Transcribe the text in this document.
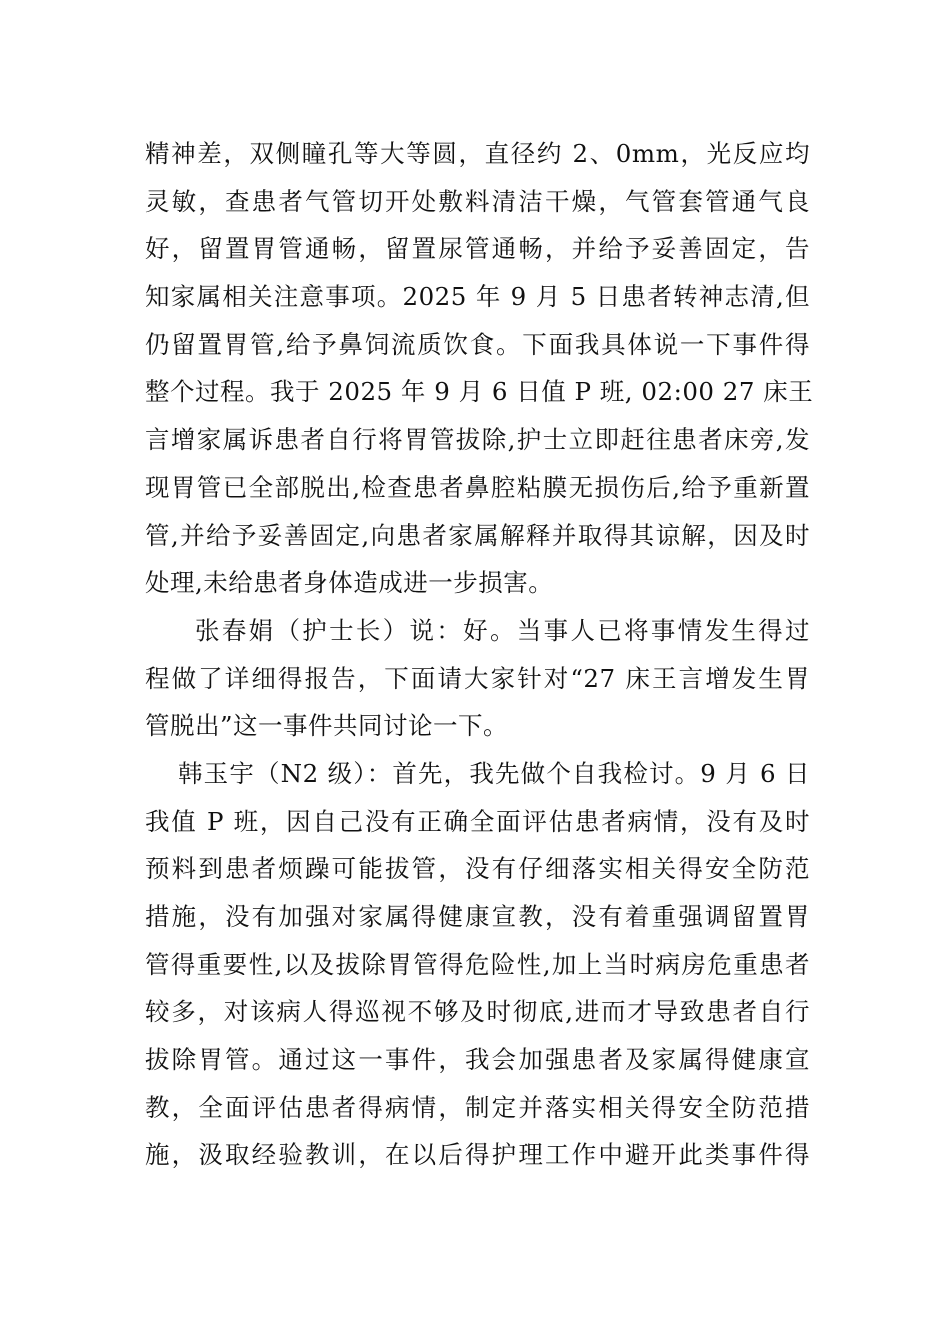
精神差，双侧瞳孔等大等圆，直径约 2、0mm，光反应均
灵敏，查患者气管切开处敷料清洁干燥，气管套管通气良
好，留置胃管通畅，留置尿管通畅，并给予妥善固定，告
知家属相关注意事项。2025 年 9 月 5 日患者转神志清,但
仍留置胃管,给予鼻饲流质饮食。下面我具体说一下事件得
整个过程。我于 2025 年 9 月 6 日值 P 班, 02:00 27 床王
言增家属诉患者自行将胃管拔除,护士立即赶往患者床旁,发
现胃管已全部脱出,检查患者鼻腔粘膜无损伤后,给予重新置
管,并给予妥善固定,向患者家属解释并取得其谅解，因及时
处理,未给患者身体造成进一步损害。
张春娟（护士长）说：好。当事人已将事情发生得过
程做了详细得报告，下面请大家针对“27 床王言增发生胃
管脱出”这一事件共同讨论一下。
韩玉宇（N2 级）：首先，我先做个自我检讨。9 月 6 日
我值 P 班，因自己没有正确全面评估患者病情，没有及时
预料到患者烦躁可能拔管，没有仔细落实相关得安全防范
措施，没有加强对家属得健康宣教，没有着重强调留置胃
管得重要性,以及拔除胃管得危险性,加上当时病房危重患者
较多，对该病人得巡视不够及时彻底,进而才导致患者自行
拔除胃管。通过这一事件，我会加强患者及家属得健康宣
教，全面评估患者得病情，制定并落实相关得安全防范措
施，汲取经验教训，在以后得护理工作中避开此类事件得
